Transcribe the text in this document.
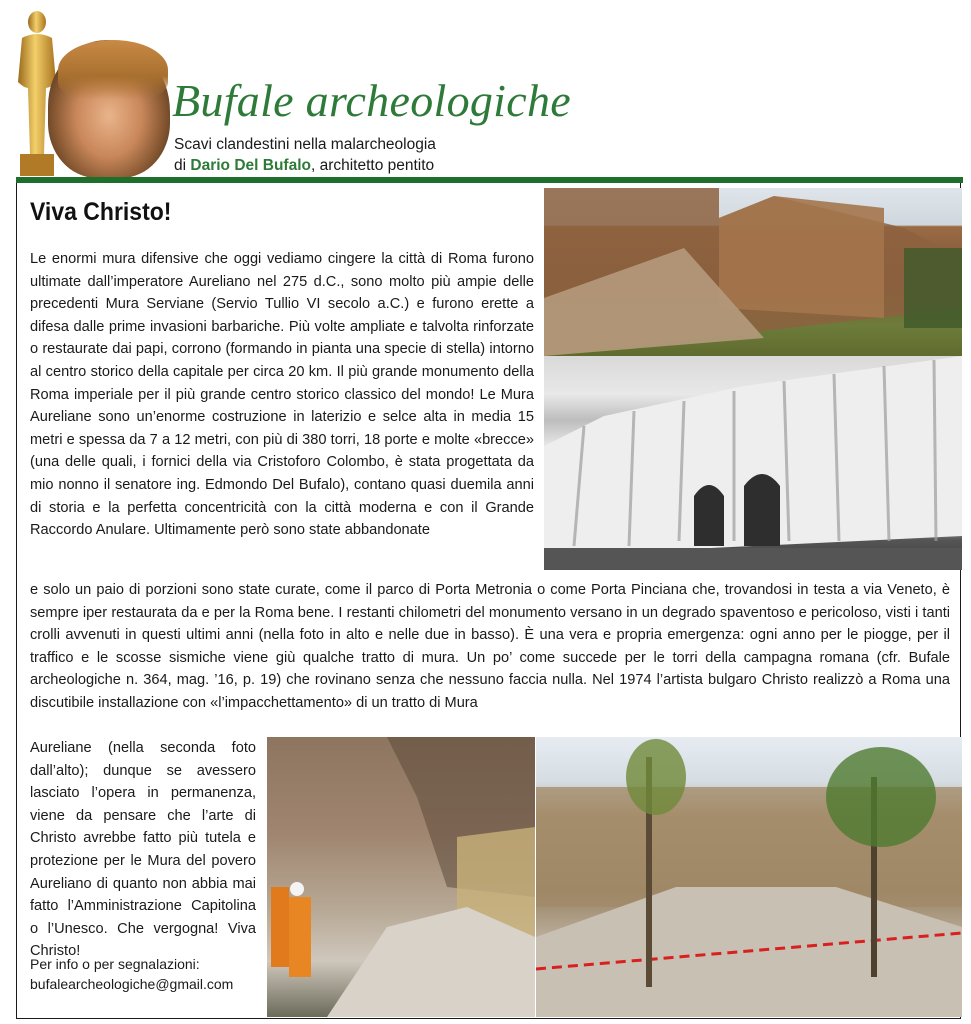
Bufale archeologiche
Scavi clandestini nella malarcheologia
di Dario Del Bufalo, architetto pentito
Viva Christo!
Le enormi mura difensive che oggi vediamo cingere la città di Roma furono ultimate dall’imperatore Aureliano nel 275 d.C., sono molto più ampie delle precedenti Mura Serviane (Servio Tullio VI secolo a.C.) e furono erette a difesa dalle prime invasioni barbariche. Più volte ampliate e talvolta rinforzate o restaurate dai papi, corrono (formando in pianta una specie di stella) intorno al centro storico della capitale per circa 20 km. Il più grande monumento della Roma imperiale per il più grande centro storico classico del mondo! Le Mura Aureliane sono un’enorme costruzione in laterizio e selce alta in media 15 metri e spessa da 7 a 12 metri, con più di 380 torri, 18 porte e molte «brecce» (una delle quali, i fornici della via Cristoforo Colombo, è stata progettata da mio nonno il senatore ing. Edmondo Del Bufalo), contano quasi duemila anni di storia e la perfetta concentricità con la città moderna e con il Grande Raccordo Anulare. Ultimamente però sono state abbandonate
e solo un paio di porzioni sono state curate, come il parco di Porta Metronia o come Porta Pinciana che, trovandosi in testa a via Veneto, è sempre iper restaurata da e per la Roma bene. I restanti chilometri del monumento versano in un degrado spaventoso e pericoloso, visti i tanti crolli avvenuti in questi ultimi anni (nella foto in alto e nelle due in basso). È una vera e propria emergenza: ogni anno per le piogge, per il traffico e le scosse sismiche viene giù qualche tratto di mura. Un po’ come succede per le torri della campagna romana (cfr. Bufale archeologiche n. 364, mag. ’16, p. 19) che rovinano senza che nessuno faccia nulla. Nel 1974 l’artista bulgaro Christo realizzò a Roma una discutibile installazione con «l’impacchettamento» di un tratto di Mura
Aureliane (nella seconda foto dall’alto); dunque se avessero lasciato l’opera in permanenza, viene da pensare che l’arte di Christo avrebbe fatto più tutela e protezione per le Mura del povero Aureliano di quanto non abbia mai fatto l’Amministrazione Capitolina o l’Unesco. Che vergogna! Viva Christo!
Per info o per segnalazioni:
bufalearcheologiche@gmail.com
